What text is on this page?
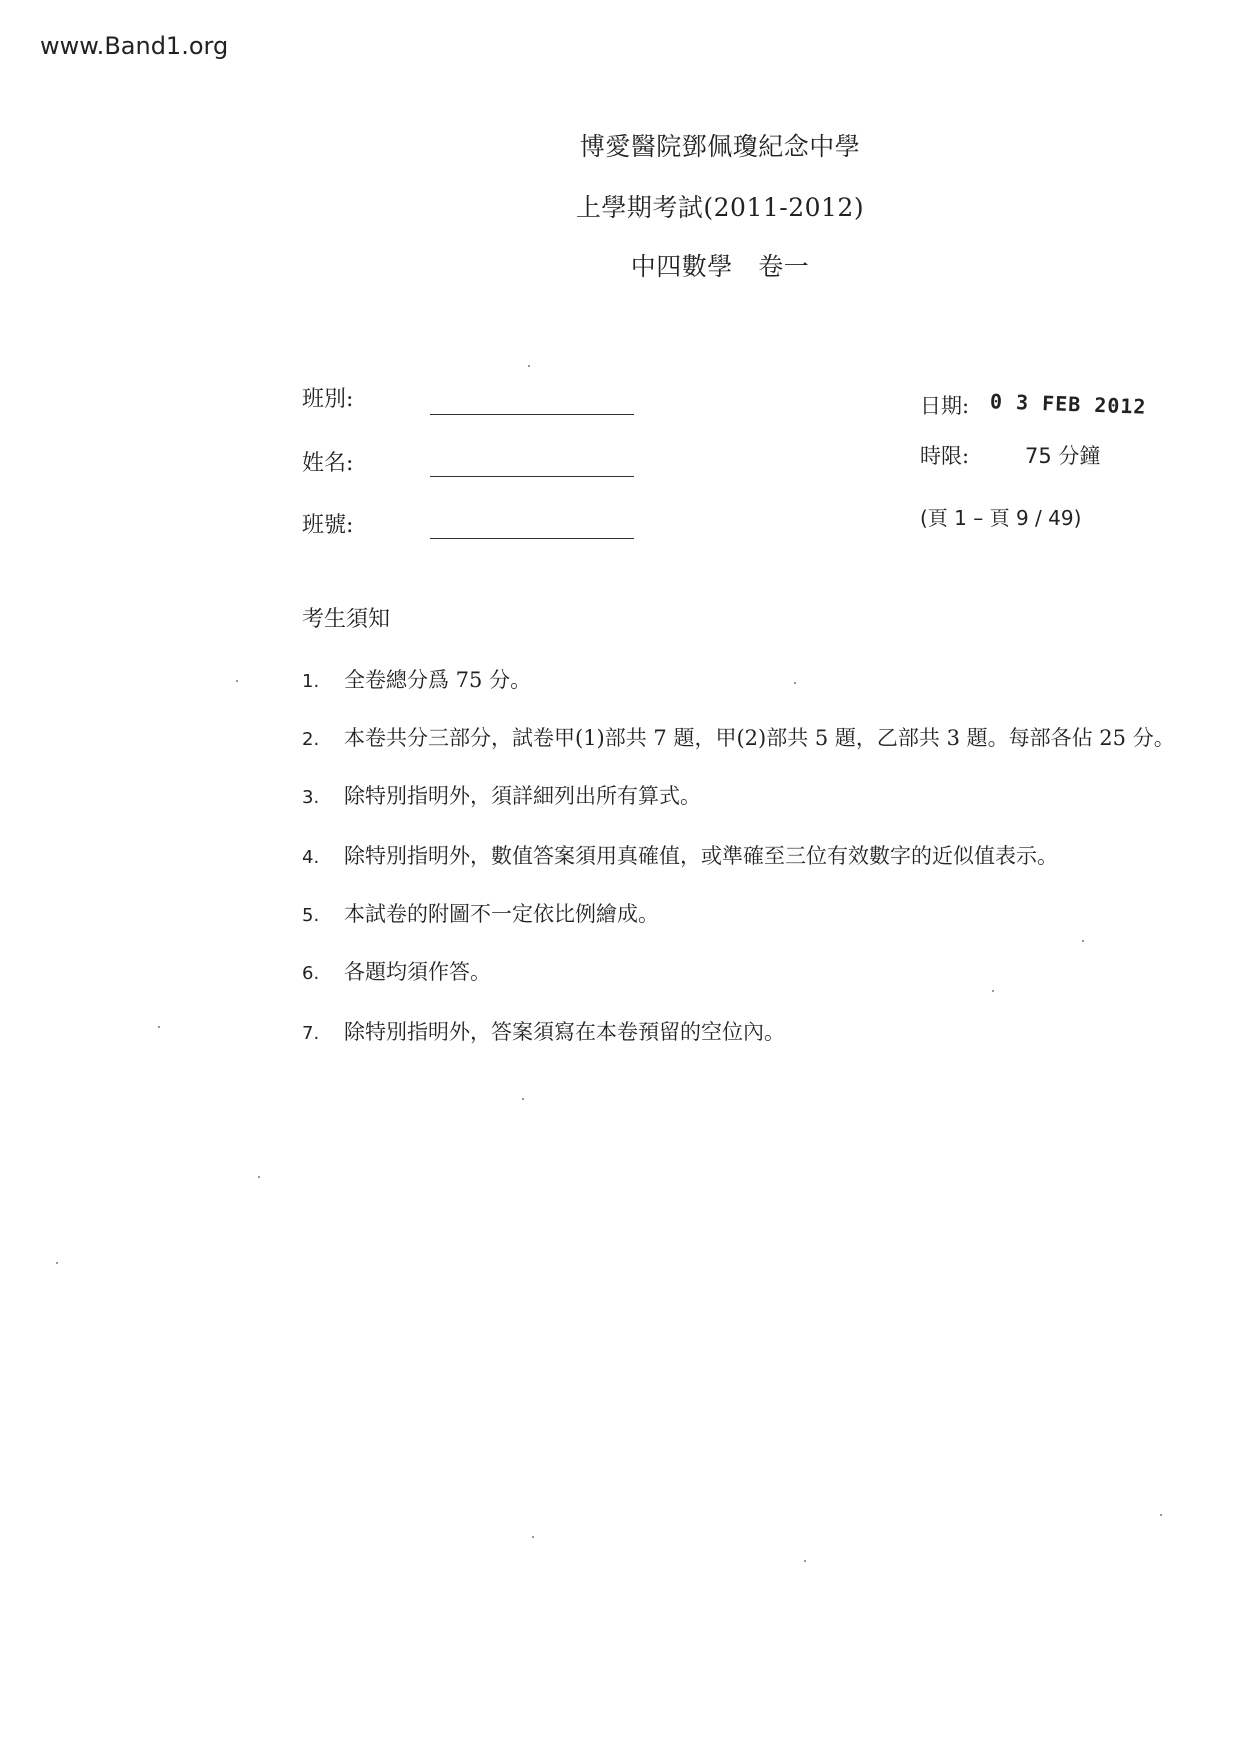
www.Band1.org
博愛醫院鄧佩瓊紀念中學
上學期考試(2011-2012)
中四數學　卷一
班別:
姓名:
班號:
日期: 0 3 FEB 2012
時限:	75 分鐘
(頁 1 – 頁 9 / 49)
考生須知
1. 全卷總分爲 75 分。
2. 本卷共分三部分，試卷甲(1)部共 7 題，甲(2)部共 5 題，乙部共 3 題。每部各佔 25 分。
3. 除特別指明外，須詳細列出所有算式。
4. 除特別指明外，數值答案須用真確值，或準確至三位有效數字的近似值表示。
5. 本試卷的附圖不一定依比例繪成。
6. 各題均須作答。
7. 除特別指明外，答案須寫在本卷預留的空位內。
